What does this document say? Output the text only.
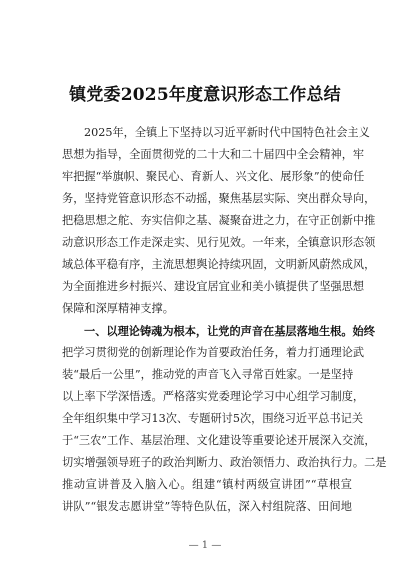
镇党委2025年度意识形态工作总结
2025年，全镇上下坚持以习近平新时代中国特色社会主义
思想为指导，全面贯彻党的二十大和二十届四中全会精神，牢
牢把握“举旗帜、聚民心、育新人、兴文化、展形象”的使命任
务，坚持党管意识形态不动摇，聚焦基层实际、突出群众导向，
把稳思想之舵、夯实信仰之基、凝聚奋进之力，在守正创新中推
动意识形态工作走深走实、见行见效。一年来，全镇意识形态领
域总体平稳有序，主流思想舆论持续巩固，文明新风蔚然成风，
为全面推进乡村振兴、建设宜居宜业和美小镇提供了坚强思想
保障和深厚精神支撑。
一、以理论铸魂为根本，让党的声音在基层落地生根。始终
把学习贯彻党的创新理论作为首要政治任务，着力打通理论武
装“最后一公里”，推动党的声音飞入寻常百姓家。一是坚持
以上率下学深悟透。严格落实党委理论学习中心组学习制度，
全年组织集中学习13次、专题研讨5次，围绕习近平总书记关
于“三农”工作、基层治理、文化建设等重要论述开展深入交流，
切实增强领导班子的政治判断力、政治领悟力、政治执行力。二是
推动宣讲普及入脑入心。组建“镇村两级宣讲团”“草根宣
讲队”“银发志愿讲堂”等特色队伍，深入村组院落、田间地
— 1 —
